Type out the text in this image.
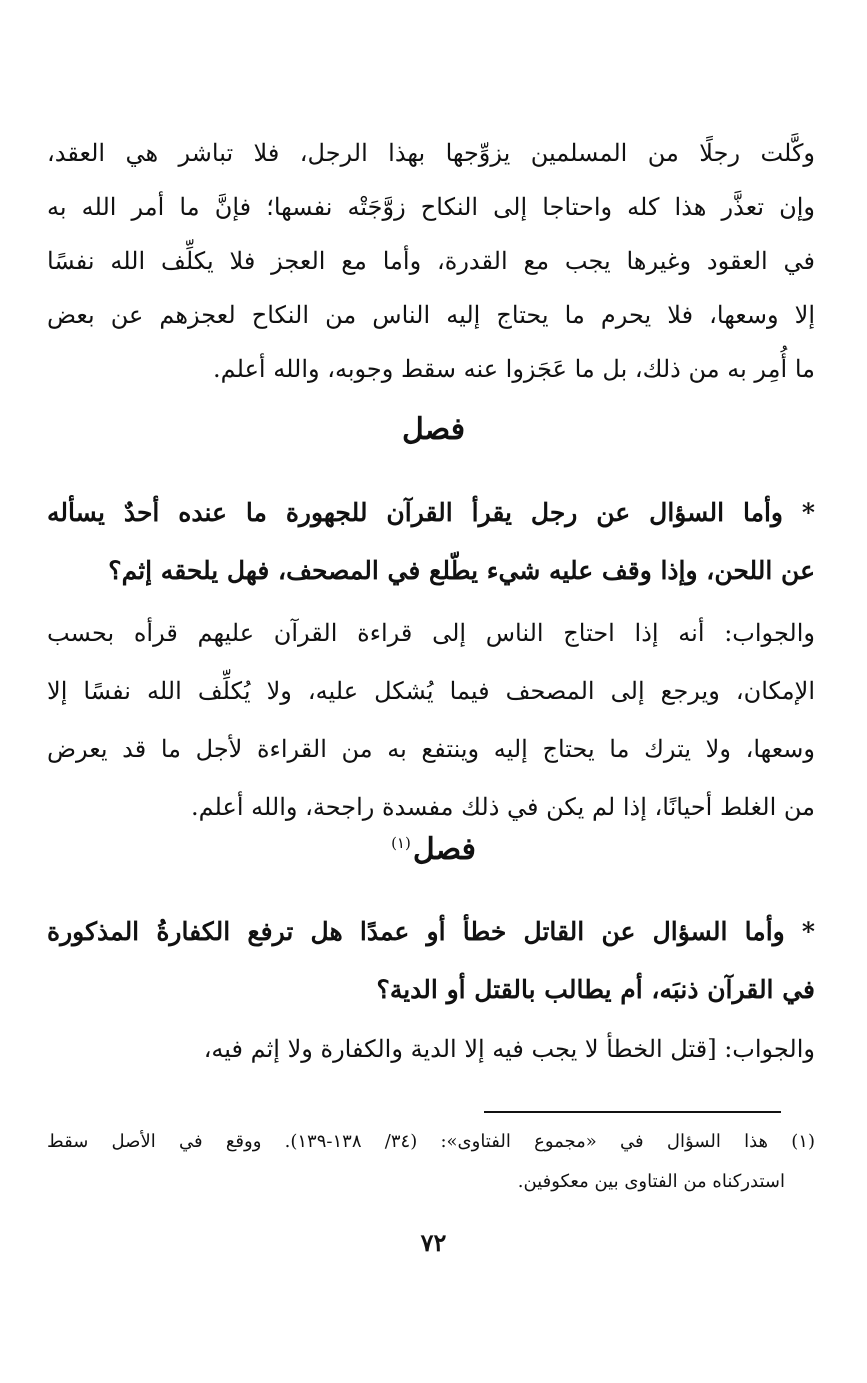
وكَّلت رجلًا من المسلمين يزوِّجها بهذا الرجل، فلا تباشر هي العقد،
وإن تعذَّر هذا كله واحتاجا إلى النكاح زوَّجَتْه نفسها؛ فإنَّ ما أمر الله به
في العقود وغيرها يجب مع القدرة، وأما مع العجز فلا يكلِّف الله نفسًا
إلا وسعها، فلا يحرم ما يحتاج إليه الناس من النكاح لعجزهم عن بعض
ما أُمِر به من ذلك، بل ما عَجَزوا عنه سقط وجوبه، والله أعلم.
فصل
* وأما السؤال عن رجل يقرأ القرآن للجهورة ما عنده أحدٌ يسأله
عن اللحن، وإذا وقف عليه شيء يطّلع في المصحف، فهل يلحقه إثم؟
والجواب: أنه إذا احتاج الناس إلى قراءة القرآن عليهم قرأه بحسب
الإمكان، ويرجع إلى المصحف فيما يُشكل عليه، ولا يُكلِّف الله نفسًا إلا
وسعها، ولا يترك ما يحتاج إليه وينتفع به من القراءة لأجل ما قد يعرض
من الغلط أحيانًا، إذا لم يكن في ذلك مفسدة راجحة، والله أعلم.
فصل$^{(١)}$
* وأما السؤال عن القاتل خطأ أو عمدًا هل ترفع الكفارةُ المذكورة
في القرآن ذنبَه، أم يطالب بالقتل أو الدية؟
والجواب: [قتل الخطأ لا يجب فيه إلا الدية والكفارة ولا إثم فيه،
(١) هذا السؤال في «مجموع الفتاوى»: (٣٤/ ١٣٨-١٣٩). ووقع في الأصل سقط
استدركناه من الفتاوى بين معكوفين.
٧٢
